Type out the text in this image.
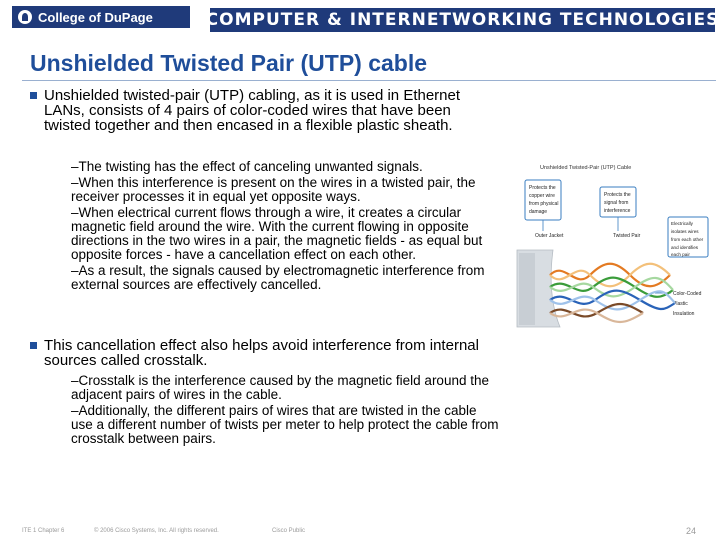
College of DuPage	COMPUTER & INTERNETWORKING TECHNOLOGIES
Unshielded Twisted Pair (UTP) cable
Unshielded twisted-pair (UTP) cabling, as it is used in Ethernet LANs, consists of 4 pairs of color-coded wires that have been twisted together and then encased in a flexible plastic sheath.

–The twisting has the effect of canceling unwanted signals.

–When this interference is present on the wires in a twisted pair, the receiver processes it in equal yet opposite ways.

–When electrical current flows through a wire, it creates a circular magnetic field around the wire. With the current flowing in opposite directions in the two wires in a pair, the magnetic fields - as equal but opposite forces - have a cancellation effect on each other.

–As a result, the signals caused by electromagnetic interference from external sources are effectively cancelled.

This cancellation effect also helps avoid interference from internal sources called crosstalk.

–Crosstalk is the interference caused by the magnetic field around the adjacent pairs of wires in the cable.

–Additionally, the different pairs of wires that are twisted in the cable use a different number of twists per meter to help protect the cable from crosstalk between pairs.

Unshielded Twisted-Pair (UTP) Cable
Protects the copper wire from physical damage
Protects the signal from interference
Electrically isolates wires from each other and identifies each pair
Outer Jacket	Twisted Pair
Color-Coded Plastic Insulation
ITE 1 Chapter 6	© 2006 Cisco Systems, Inc. All rights reserved.	Cisco Public	24
